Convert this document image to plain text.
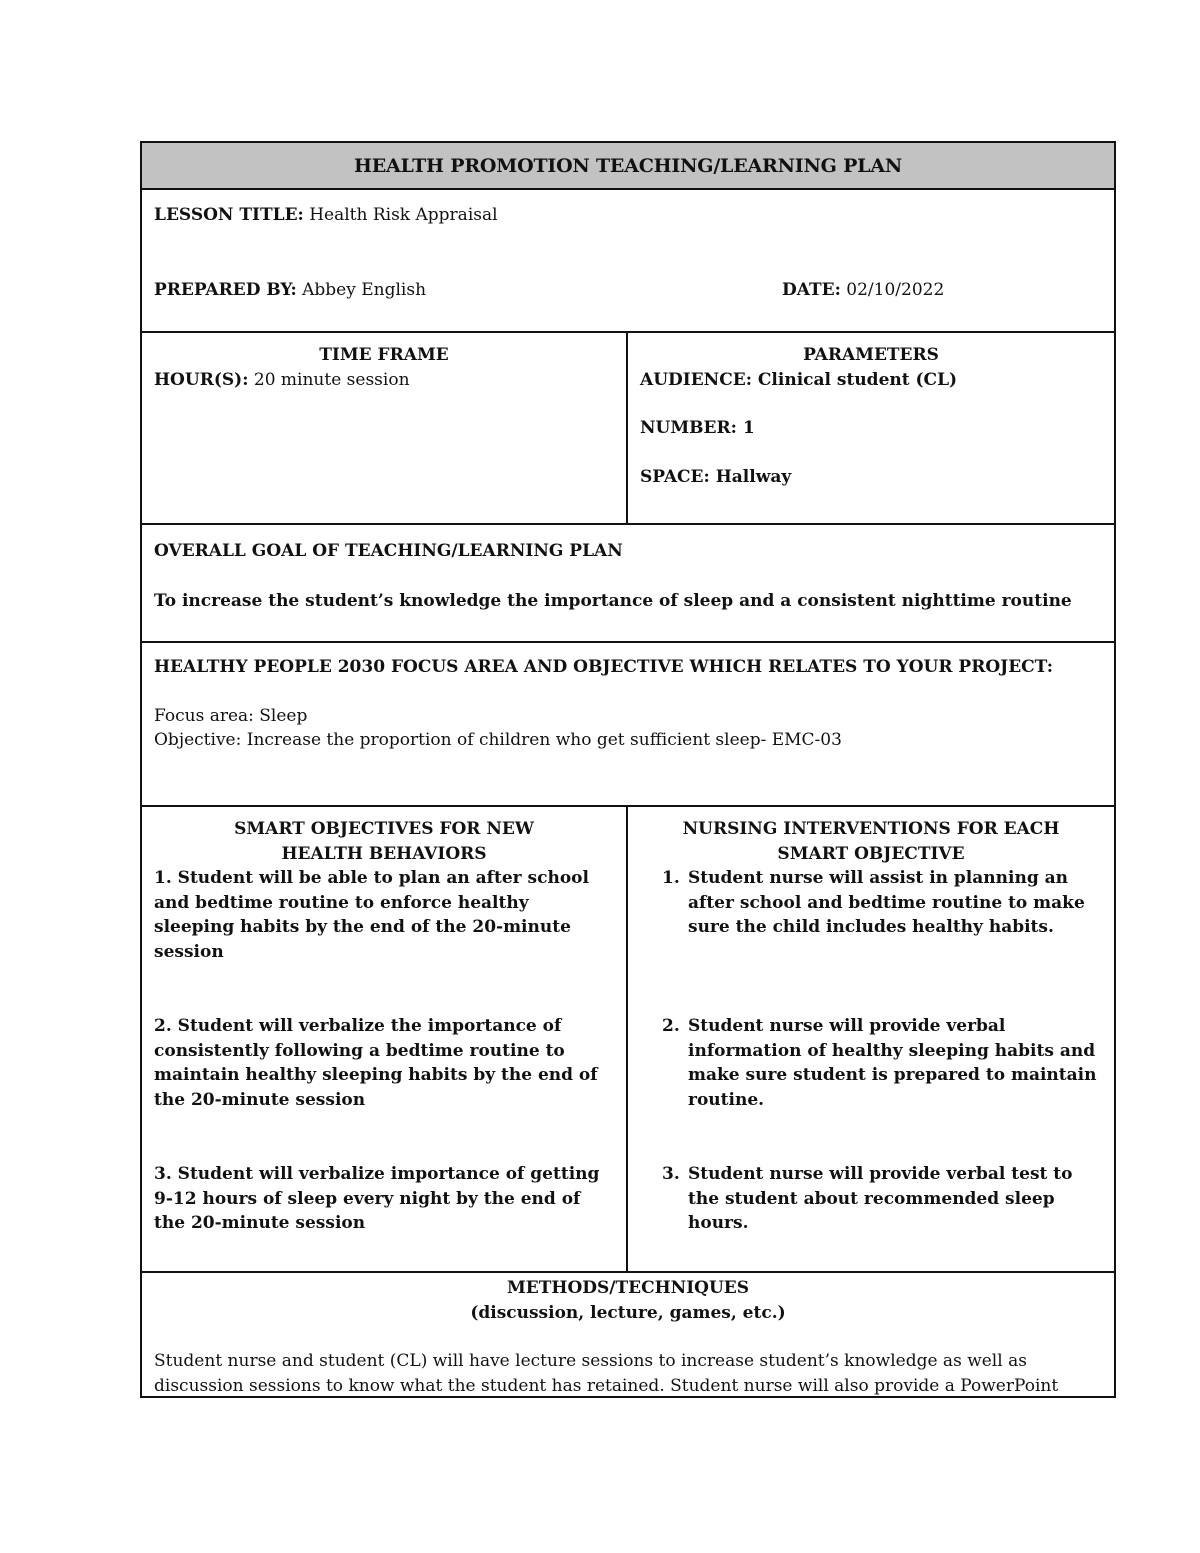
HEALTH PROMOTION TEACHING/LEARNING PLAN

LESSON TITLE: Health Risk Appraisal

PREPARED BY: Abbey English	DATE: 02/10/2022

TIME FRAME

HOUR(S): 20 minute session

PARAMETERS

AUDIENCE: Clinical student (CL)

NUMBER: 1

SPACE: Hallway

OVERALL GOAL OF TEACHING/LEARNING PLAN

To increase the student’s knowledge the importance of sleep and a consistent nighttime routine

HEALTHY PEOPLE 2030 FOCUS AREA AND OBJECTIVE WHICH RELATES TO YOUR PROJECT:

Focus area: Sleep

Objective: Increase the proportion of children who get sufficient sleep- EMC-03

SMART OBJECTIVES FOR NEW

HEALTH BEHAVIORS

1. Student will be able to plan an after school and bedtime routine to enforce healthy sleeping habits by the end of the 20-minute session

2. Student will verbalize the importance of consistently following a bedtime routine to maintain healthy sleeping habits by the end of the 20-minute session

3. Student will verbalize importance of getting 9-12 hours of sleep every night by the end of the 20-minute session

NURSING INTERVENTIONS FOR EACH

SMART OBJECTIVE

1. Student nurse will assist in planning an after school and bedtime routine to make sure the child includes healthy habits.

2. Student nurse will provide verbal information of healthy sleeping habits and make sure student is prepared to maintain routine.

3. Student nurse will provide verbal test to the student about recommended sleep hours.

METHODS/TECHNIQUES

(discussion, lecture, games, etc.)

Student nurse and student (CL) will have lecture sessions to increase student’s knowledge as well as discussion sessions to know what the student has retained. Student nurse will also provide a PowerPoint
